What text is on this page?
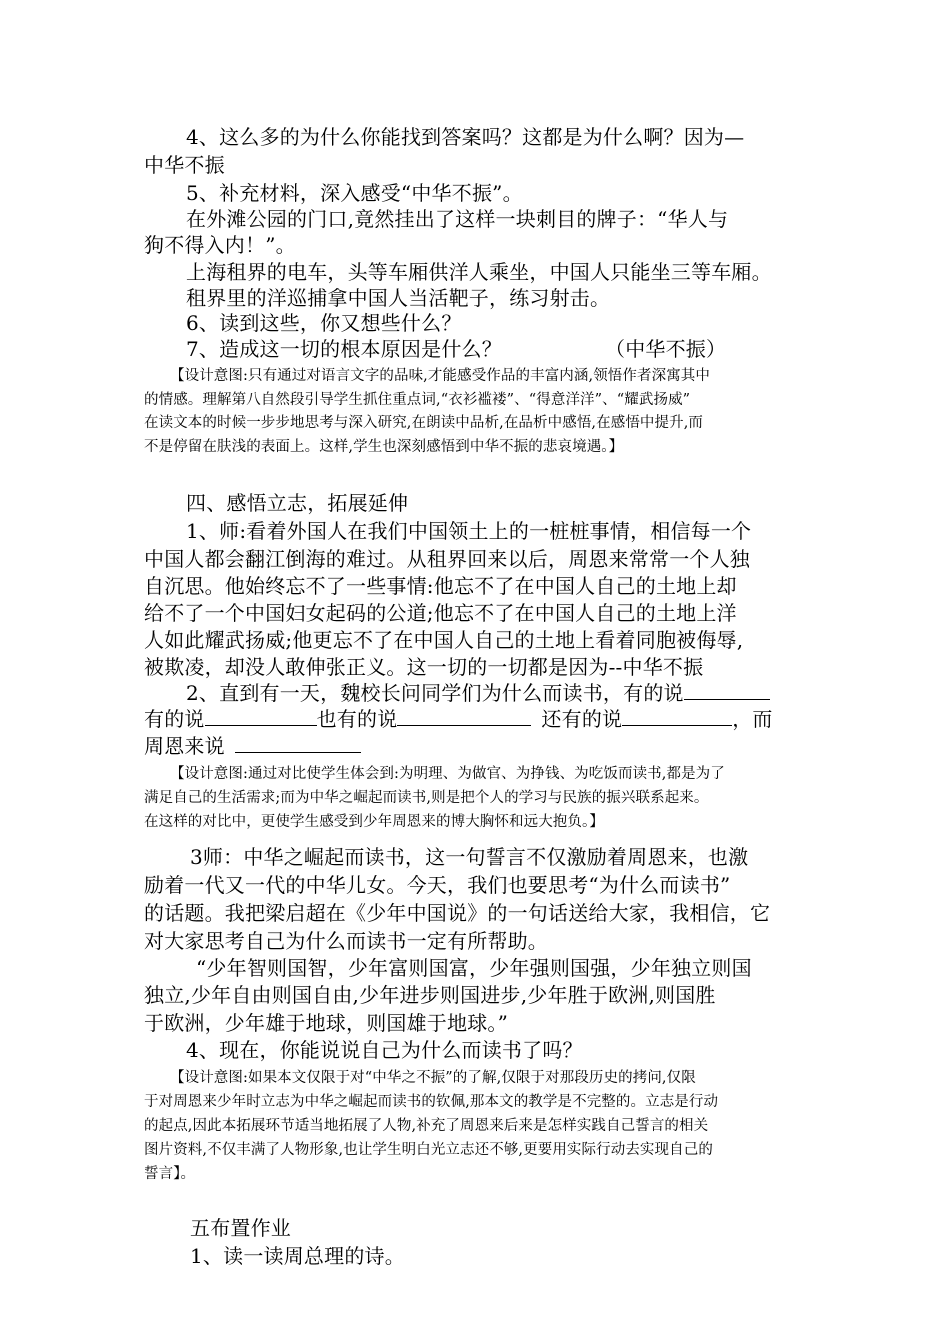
4、这么多的为什么你能找到答案吗？这都是为什么啊？因为—
中华不振
5、补充材料，深入感受“中华不振”。
在外滩公园的门口,竟然挂出了这样一块刺目的牌子：“华人与
狗不得入内！”。
上海租界的电车，头等车厢供洋人乘坐，中国人只能坐三等车厢。
租界里的洋巡捕拿中国人当活靶子，练习射击。
6、读到这些，你又想些什么？
7、造成这一切的根本原因是什么？	（中华不振）
【设计意图:只有通过对语言文字的品味,才能感受作品的丰富内涵,领悟作者深寓其中
的情感。理解第八自然段引导学生抓住重点词,“衣衫褴褛”、“得意洋洋”、“耀武扬威”
在读文本的时候一步步地思考与深入研究,在朗读中品析,在品析中感悟,在感悟中提升,而
不是停留在肤浅的表面上。这样,学生也深刻感悟到中华不振的悲哀境遇。】
四、感悟立志，拓展延伸
1、师:看着外国人在我们中国领土上的一桩桩事情，相信每一个
中国人都会翻江倒海的难过。从租界回来以后，周恩来常常一个人独
自沉思。他始终忘不了一些事情:他忘不了在中国人自己的土地上却
给不了一个中国妇女起码的公道;他忘不了在中国人自己的土地上洋
人如此耀武扬威;他更忘不了在中国人自己的土地上看着同胞被侮辱,
被欺凌，却没人敢伸张正义。这一切的一切都是因为--中华不振
2、直到有一天，魏校长问同学们为什么而读书，有的说
有的说	也有的说	还有的说	，而
周恩来说
【设计意图:通过对比使学生体会到:为明理、为做官、为挣钱、为吃饭而读书,都是为了
满足自己的生活需求;而为中华之崛起而读书,则是把个人的学习与民族的振兴联系起来。
在这样的对比中，更使学生感受到少年周恩来的博大胸怀和远大抱负。】
3师：中华之崛起而读书，这一句誓言不仅激励着周恩来，也激
励着一代又一代的中华儿女。今天，我们也要思考“为什么而读书”
的话题。我把梁启超在《少年中国说》的一句话送给大家，我相信，它
对大家思考自己为什么而读书一定有所帮助。
“少年智则国智，少年富则国富，少年强则国强，少年独立则国
独立,少年自由则国自由,少年进步则国进步,少年胜于欧洲,则国胜
于欧洲，少年雄于地球，则国雄于地球。”
4、现在，你能说说自己为什么而读书了吗？
【设计意图:如果本文仅限于对“中华之不振”的了解,仅限于对那段历史的拷问,仅限
于对周恩来少年时立志为中华之崛起而读书的钦佩,那本文的教学是不完整的。立志是行动
的起点,因此本拓展环节适当地拓展了人物,补充了周恩来后来是怎样实践自己誓言的相关
图片资料,不仅丰满了人物形象,也让学生明白光立志还不够,更要用实际行动去实现自己的
誓言】。
五布置作业
1、读一读周总理的诗。
